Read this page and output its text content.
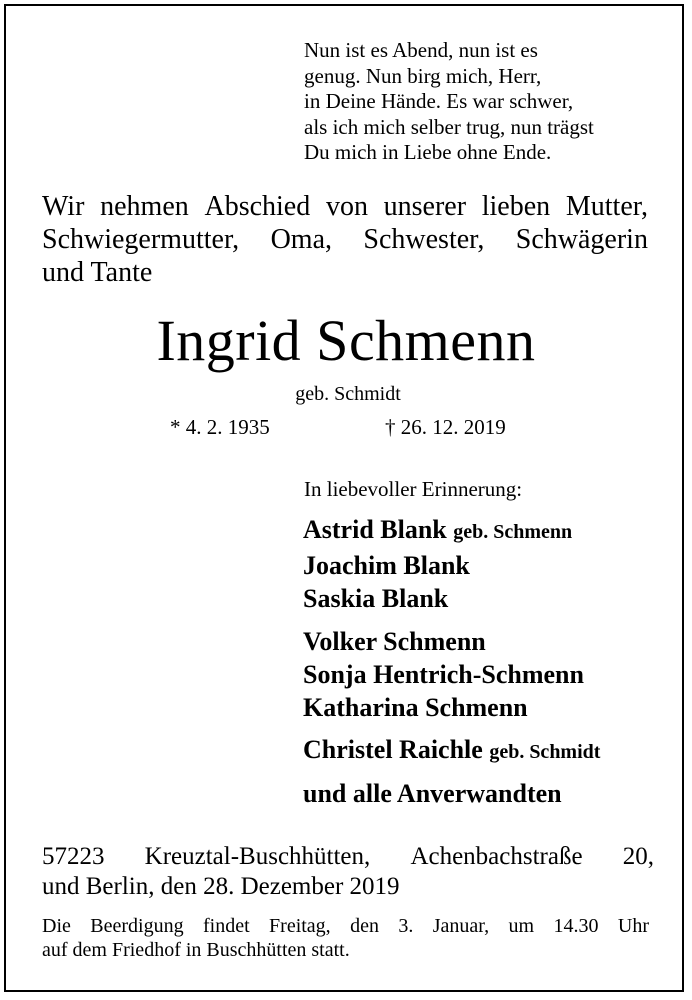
Nun ist es Abend, nun ist es
genug. Nun birg mich, Herr,
in Deine Hände. Es war schwer,
als ich mich selber trug, nun trägst
Du mich in Liebe ohne Ende.
Wir nehmen Abschied von unserer lieben Mutter,
Schwiegermutter, Oma, Schwester, Schwägerin
und Tante
Ingrid Schmenn
geb. Schmidt
* 4. 2. 1935	† 26. 12. 2019
In liebevoller Erinnerung:
Astrid Blank geb. Schmenn
Joachim Blank
Saskia Blank
Volker Schmenn
Sonja Hentrich-Schmenn
Katharina Schmenn
Christel Raichle geb. Schmidt
und alle Anverwandten
57223 Kreuztal-Buschhütten, Achenbachstraße 20,
und Berlin, den 28. Dezember 2019
Die Beerdigung findet Freitag, den 3. Januar, um 14.30 Uhr
auf dem Friedhof in Buschhütten statt.
